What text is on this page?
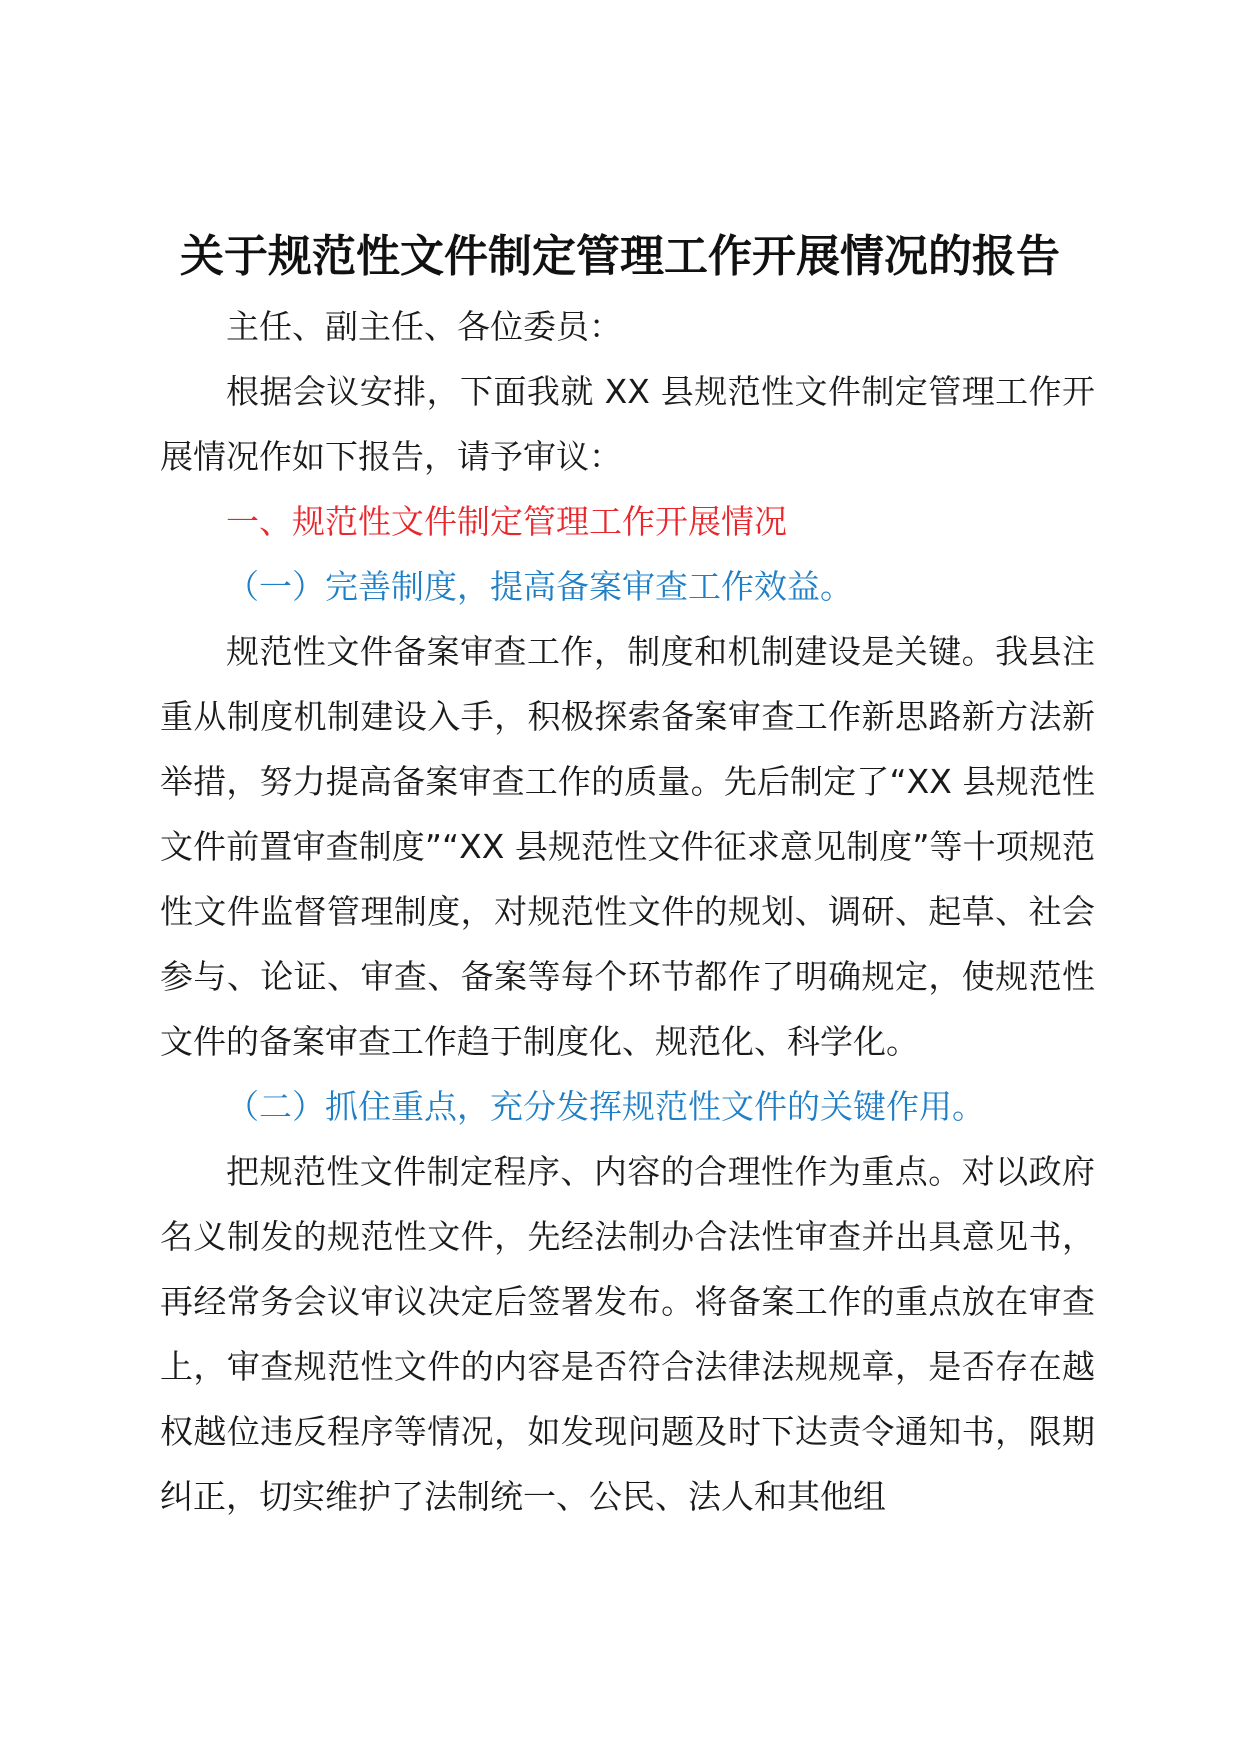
关于规范性文件制定管理工作开展情况的报告

主任、副主任、各位委员：

根据会议安排，下面我就 XX 县规范性文件制定管理工作开展情况作如下报告，请予审议：

一、规范性文件制定管理工作开展情况

（一）完善制度，提高备案审查工作效益。

规范性文件备案审查工作，制度和机制建设是关键。我县注重从制度机制建设入手，积极探索备案审查工作新思路新方法新举措，努力提高备案审查工作的质量。先后制定了“XX 县规范性文件前置审查制度”“XX 县规范性文件征求意见制度”等十项规范性文件监督管理制度，对规范性文件的规划、调研、起草、社会参与、论证、审查、备案等每个环节都作了明确规定，使规范性文件的备案审查工作趋于制度化、规范化、科学化。

（二）抓住重点，充分发挥规范性文件的关键作用。

把规范性文件制定程序、内容的合理性作为重点。对以政府名义制发的规范性文件，先经法制办合法性审查并出具意见书，再经常务会议审议决定后签署发布。将备案工作的重点放在审查上，审查规范性文件的内容是否符合法律法规规章，是否存在越权越位违反程序等情况，如发现问题及时下达责令通知书，限期纠正，切实维护了法制统一、公民、法人和其他组
